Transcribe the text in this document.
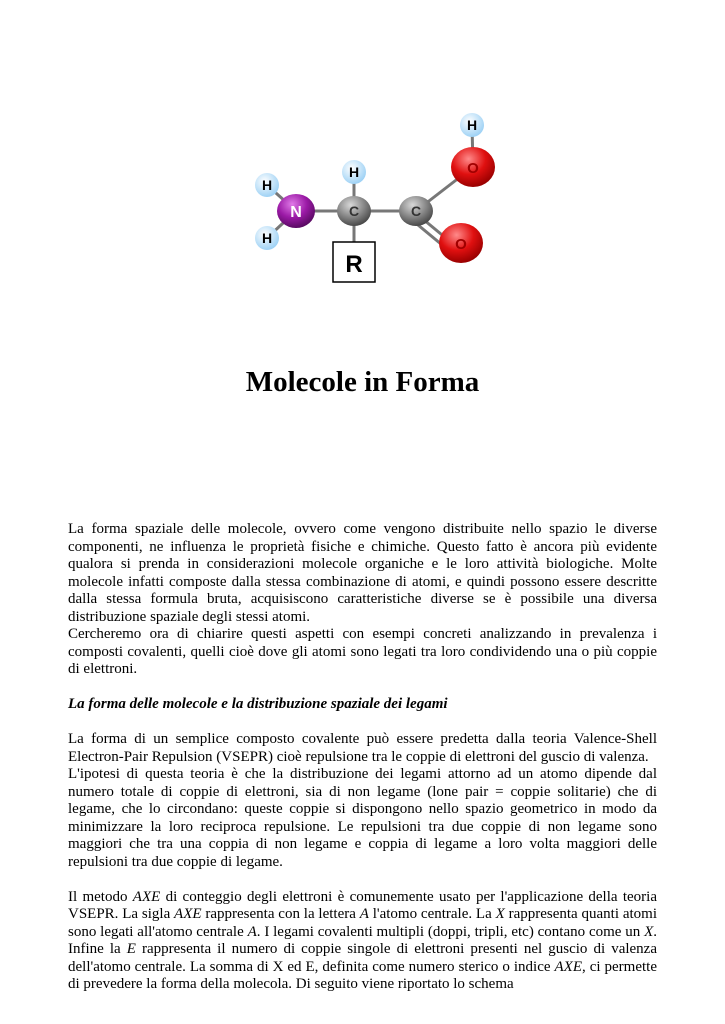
R
H
H
H
H
O
N	C	C
O
Molecole in Forma

La forma spaziale delle molecole, ovvero come vengono distribuite nello spazio le diverse componenti, ne influenza le proprietà fisiche e chimiche. Questo fatto è ancora più evidente qualora si prenda in considerazioni molecole organiche e le loro attività biologiche. Molte molecole infatti composte dalla stessa combinazione di atomi, e quindi possono essere descritte dalla stessa formula bruta, acquisiscono caratteristiche diverse se è possibile una diversa distribuzione spaziale degli stessi atomi.

Cercheremo ora di chiarire questi aspetti con esempi concreti analizzando in prevalenza i composti covalenti, quelli cioè dove gli atomi sono legati tra loro condividendo una o più coppie di elettroni.

La forma delle molecole e la distribuzione spaziale dei legami

La forma di un semplice composto covalente può essere predetta dalla teoria Valence-Shell Electron-Pair Repulsion (VSEPR) cioè repulsione tra le coppie di elettroni del guscio di valenza.

L'ipotesi di questa teoria è che la distribuzione dei legami attorno ad un atomo dipende dal numero totale di coppie di elettroni, sia di non legame (lone pair = coppie solitarie) che di legame, che lo circondano: queste coppie si dispongono nello spazio geometrico in modo da minimizzare la loro reciproca repulsione. Le repulsioni tra due coppie di non legame sono maggiori che tra una coppia di non legame e coppia di legame a loro volta maggiori delle repulsioni tra due coppie di legame.

Il metodo AXE di conteggio degli elettroni è comunemente usato per l'applicazione della teoria VSEPR. La sigla AXE rappresenta con la lettera A l'atomo centrale. La X rappresenta quanti atomi sono legati all'atomo centrale A. I legami covalenti multipli (doppi, tripli, etc) contano come un X. Infine la E rappresenta il numero di coppie singole di elettroni presenti nel guscio di valenza dell'atomo centrale. La somma di X ed E, definita come numero sterico o indice AXE, ci permette di prevedere la forma della molecola. Di seguito viene riportato lo schema
